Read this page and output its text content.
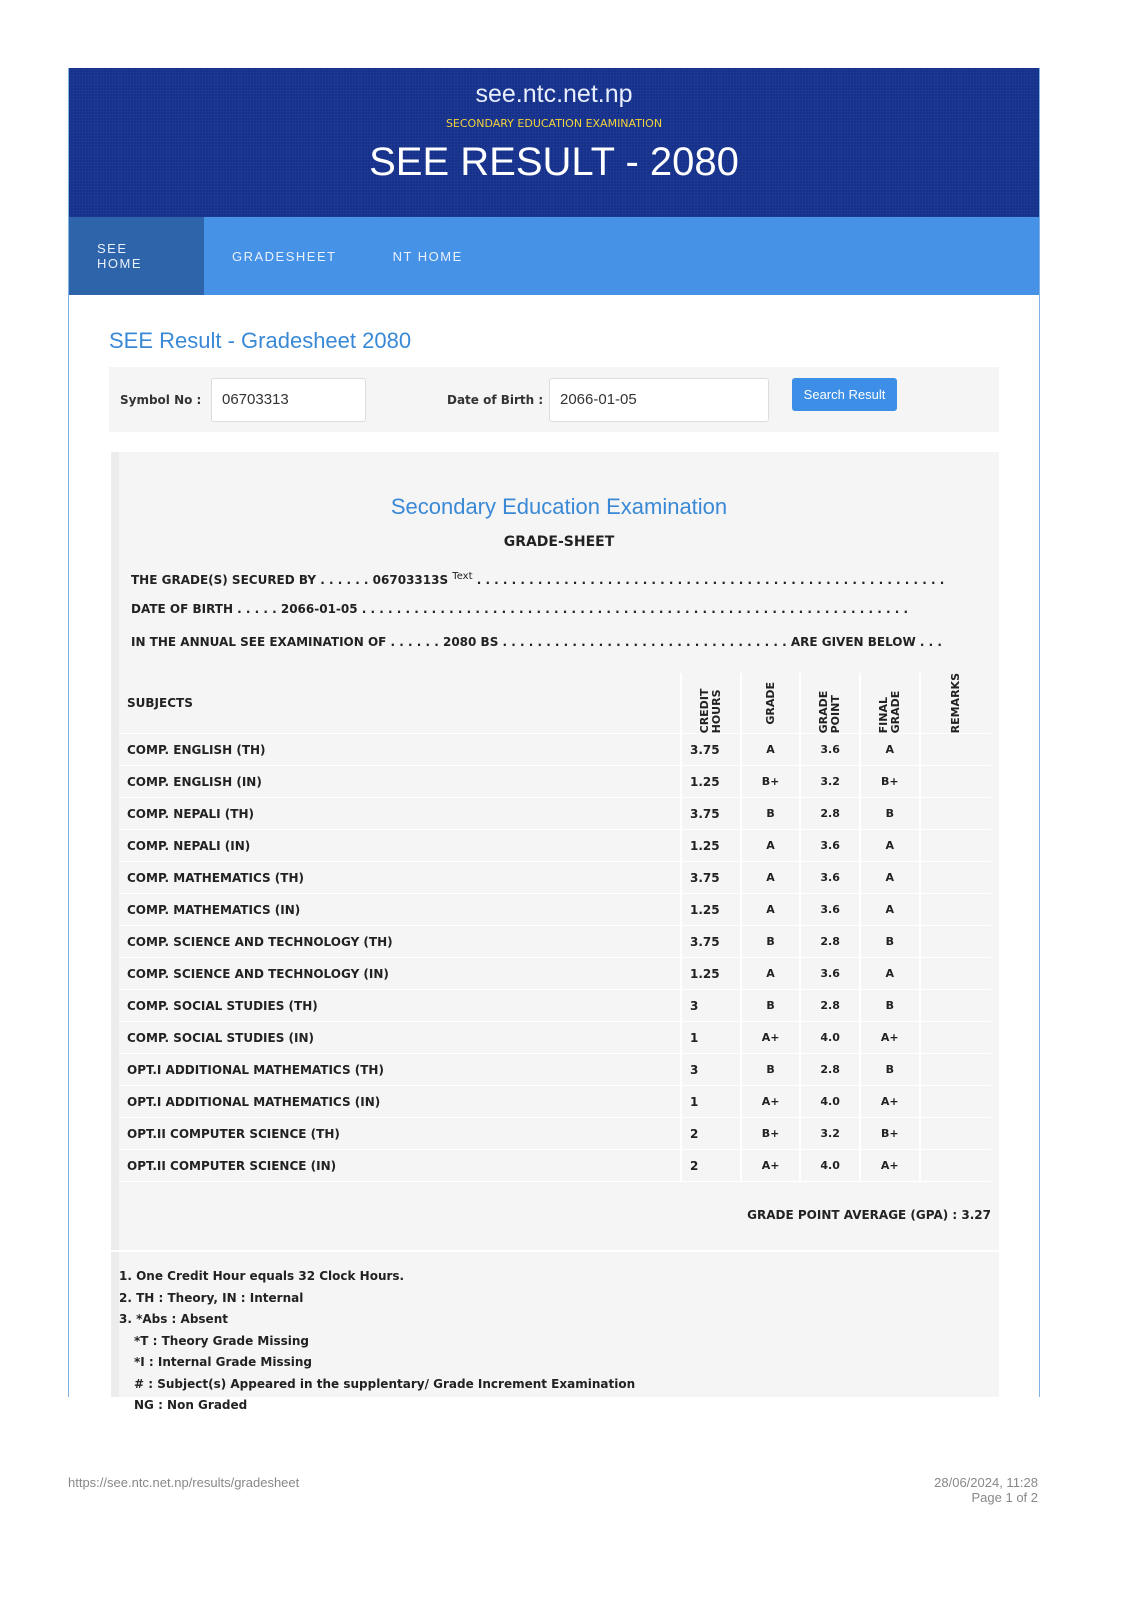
see.ntc.net.np
SECONDARY EDUCATION EXAMINATION
SEE RESULT - 2080
SEE HOME	GRADESHEET	NT HOME
SEE Result - Gradesheet 2080
Symbol No :
06703313	Date of Birth :
2066-01-05	Search Result
Secondary Education Examination
GRADE-SHEET
THE GRADE(S) SECURED BY . . . . . . 06703313S $^{Text}$ . . . . . . . . . . . . . . . . . . . . . . . . . . . . . . . . . . . . . . . . . . . . . . . . . . . . . .
DATE OF BIRTH . . . . . 2066-01-05 . . . . . . . . . . . . . . . . . . . . . . . . . . . . . . . . . . . . . . . . . . . . . . . . . . . . . . . . . . . . . . .
IN THE ANNUAL SEE EXAMINATION OF . . . . . . 2080 BS . . . . . . . . . . . . . . . . . . . . . . . . . . . . . . . . . ARE GIVEN BELOW . . .
SUBJECTS	CREDIT HOURS	GRADE	GRADE POINT	FINAL GRADE	REMARKS

COMP. ENGLISH (TH)	3.75	A	3.6	A	
COMP. ENGLISH (IN)	1.25	B+	3.2	B+	
COMP. NEPALI (TH)	3.75	B	2.8	B	
COMP. NEPALI (IN)	1.25	A	3.6	A	
COMP. MATHEMATICS (TH)	3.75	A	3.6	A	
COMP. MATHEMATICS (IN)	1.25	A	3.6	A	
COMP. SCIENCE AND TECHNOLOGY (TH)	3.75	B	2.8	B	
COMP. SCIENCE AND TECHNOLOGY (IN)	1.25	A	3.6	A	
COMP. SOCIAL STUDIES (TH)	3	B	2.8	B	
COMP. SOCIAL STUDIES (IN)	1	A+	4.0	A+	
OPT.I ADDITIONAL MATHEMATICS (TH)	3	B	2.8	B	
OPT.I ADDITIONAL MATHEMATICS (IN)	1	A+	4.0	A+	
OPT.II COMPUTER SCIENCE (TH)	2	B+	3.2	B+	
OPT.II COMPUTER SCIENCE (IN)	2	A+	4.0	A+	
GRADE POINT AVERAGE (GPA) : 3.27
1. One Credit Hour equals 32 Clock Hours.
2. TH : Theory, IN : Internal
3. *Abs : Absent
*T : Theory Grade Missing
*I : Internal Grade Missing
# : Subject(s) Appeared in the supplentary/ Grade Increment Examination
NG : Non Graded
https://see.ntc.net.np/results/gradesheet	28/06/2024, 11:28
Page 1 of 2
